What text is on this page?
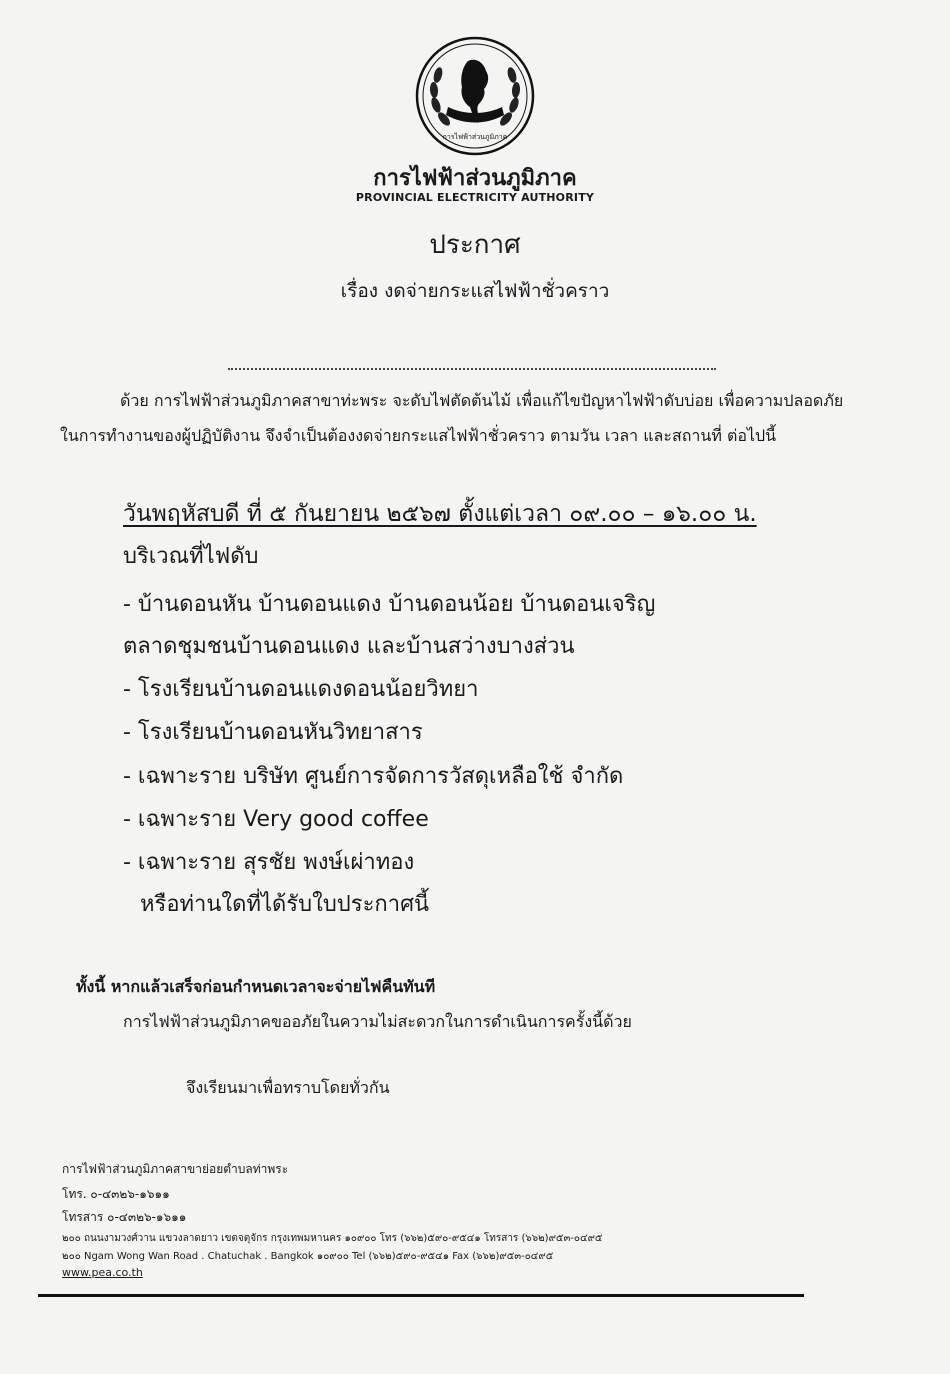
การไฟฟ้าส่วนภูมิภาค
การไฟฟ้าส่วนภูมิภาค
PROVINCIAL ELECTRICITY AUTHORITY
ประกาศ
เรื่อง งดจ่ายกระแสไฟฟ้าชั่วคราว
ด้วย การไฟฟ้าส่วนภูมิภาคสาขาท่ะพระ จะดับไฟตัดต้นไม้ เพื่อแก้ไขปัญหาไฟฟ้าดับบ่อย เพื่อความปลอดภัย
ในการทำงานของผู้ปฏิบัติงาน จึงจำเป็นต้องงดจ่ายกระแสไฟฟ้าชั่วคราว ตามวัน เวลา และสถานที่ ต่อไปนี้
วันพฤหัสบดี ที่ ๕ กันยายน ๒๕๖๗ ตั้งแต่เวลา ๐๙.๐๐ – ๑๖.๐๐ น.
บริเวณที่ไฟดับ
- บ้านดอนหัน บ้านดอนแดง บ้านดอนน้อย บ้านดอนเจริญ
ตลาดชุมชนบ้านดอนแดง และบ้านสว่างบางส่วน
- โรงเรียนบ้านดอนแดงดอนน้อยวิทยา
- โรงเรียนบ้านดอนหันวิทยาสาร
- เฉพาะราย บริษัท ศูนย์การจัดการวัสดุเหลือใช้ จำกัด
- เฉพาะราย Very good coffee
- เฉพาะราย สุรชัย พงษ์เผ่าทอง
หรือท่านใดที่ได้รับใบประกาศนี้
ทั้งนี้ หากแล้วเสร็จก่อนกำหนดเวลาจะจ่ายไฟคืนทันที
การไฟฟ้าส่วนภูมิภาคขออภัยในความไม่สะดวกในการดำเนินการครั้งนี้ด้วย
จึงเรียนมาเพื่อทราบโดยทั่วกัน
การไฟฟ้าส่วนภูมิภาคสาขาย่อยตำบลท่าพระ
โทร. ๐-๔๓๒๖-๑๖๑๑
โทรสาร ๐-๔๓๒๖-๑๖๑๑
๒๐๐ ถนนงามวงศ์วาน แขวงลาดยาว เขตจตุจักร กรุงเทพมหานคร ๑๐๙๐๐ โทร (๖๖๒)๕๙๐-๙๕๔๑ โทรสาร (๖๖๒)๙๕๓-๐๔๙๕
๒๐๐ Ngam Wong Wan Road . Chatuchak . Bangkok ๑๐๙๐๐ Tel (๖๖๒)๕๙๐-๙๕๔๑ Fax (๖๖๒)๙๕๓-๐๔๙๕
www.pea.co.th
